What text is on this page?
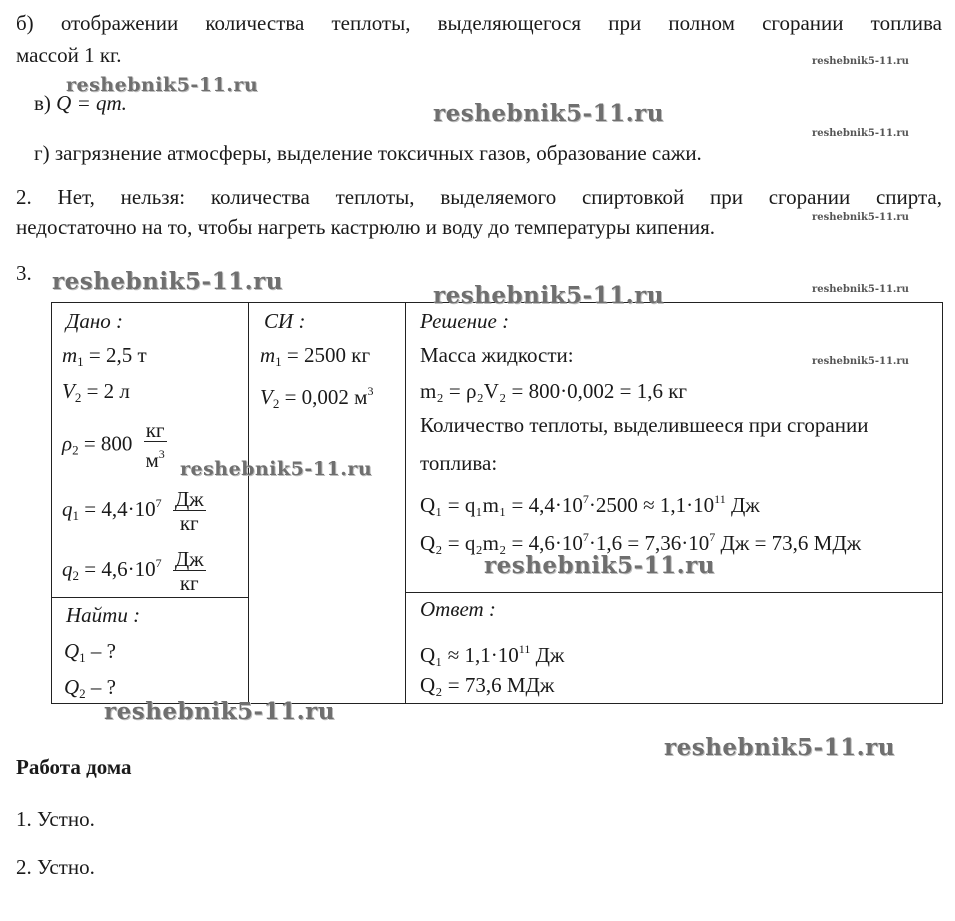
б) отображении количества теплоты, выделяющегося при полном сгорании топлива

массой 1 кг.

в) Q = qm.

г) загрязнение атмосферы, выделение токсичных газов, образование сажи.

2. Нет, нельзя: количества теплоты, выделяемого спиртовкой при сгорании спирта,

недостаточно на то, чтобы нагреть кастрюлю и воду до температуры кипения.

3.

Дано :
$m_1 = 2,5$ т
$V_2 = 2$ л
$\rho_2 = 800 \frac{кг}{м^3}$
$q_1 = 4,4\cdot 10^7 \frac{Дж}{кг}$
$q_2 = 4,6\cdot 10^7 \frac{Дж}{кг}$
Найти :
$Q_1$ – ?
$Q_2$ – ?
СИ :
$m_1 = 2500$ кг
$V_2 = 0,002$ $м^3$
Решение :
Масса жидкости:
m₂ = ρ₂V₂ = 800·0,002 = 1,6 кг
Количество теплоты, выделившееся при сгорании
топлива:
$Q_1 = q_1m_1 = 4,4\cdot 10^7\cdot 2500 \approx 1,1\cdot 10^{11}$ Дж
$Q_2 = q_2m_2 = 4,6\cdot 10^7\cdot 1,6 = 7,36\cdot 10^7$ Дж = 73,6 МДж
Ответ :
$Q_1 \approx 1,1\cdot 10^{11}$ Дж
Q₂ = 73,6 МДж

Работа дома

1. Устно.

2. Устно.

reshebnik5-11.ru
reshebnik5-11.ru
reshebnik5-11.ru
reshebnik5-11.ru
reshebnik5-11.ru
reshebnik5-11.ru
reshebnik5-11.ru
reshebnik5-11.ru
reshebnik5-11.ru
reshebnik5-11.ru
reshebnik5-11.ru
reshebnik5-11.ru
reshebnik5-11.ru
